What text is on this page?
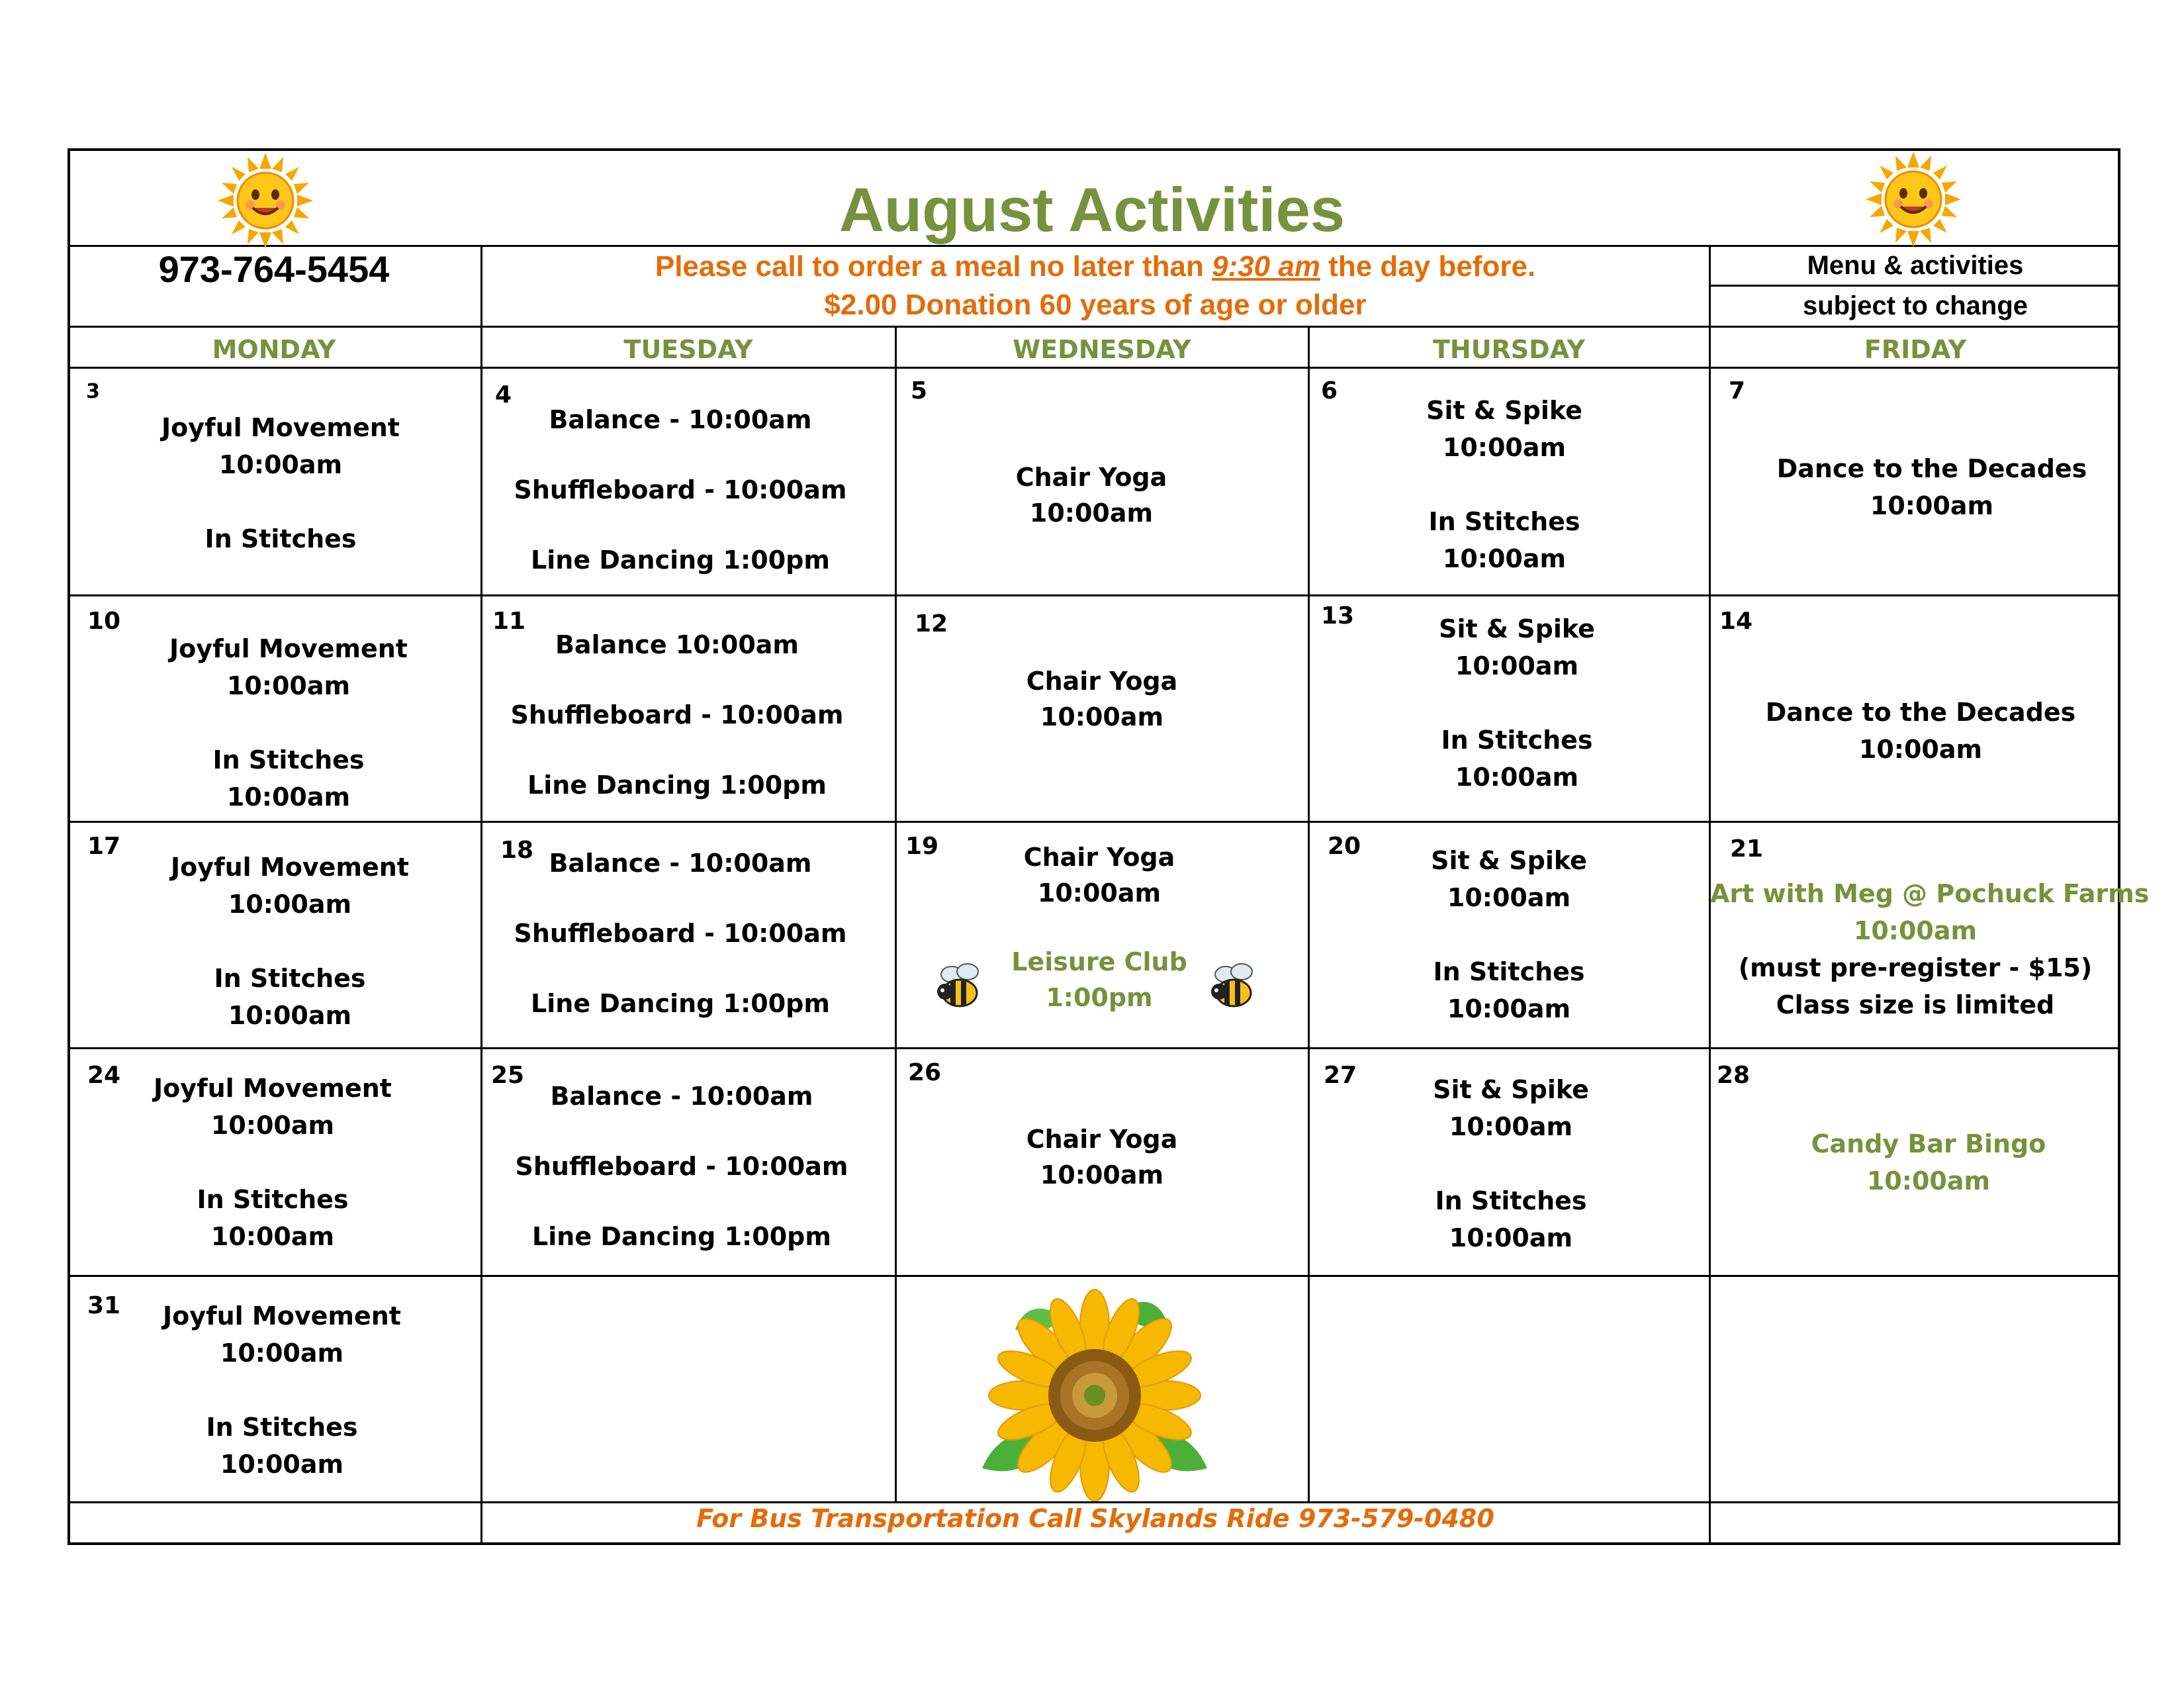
August Activities
973-764-5454	Please call to order a meal no later than 9:30 am the day before.
$2.00 Donation 60 years of age or older
Menu & activities
subject to change
MONDAY	TUESDAY	WEDNESDAY	THURSDAY	FRIDAY
3
Joyful Movement
10:00am
In Stitches
4
Balance - 10:00am
Shuffleboard - 10:00am
Line Dancing 1:00pm
5
Chair Yoga
10:00am
6
Sit & Spike
10:00am
In Stitches
10:00am
7
Dance to the Decades
10:00am
10
Joyful Movement
10:00am
In Stitches
10:00am
11
Balance 10:00am
Shuffleboard - 10:00am
Line Dancing 1:00pm
12
Chair Yoga
10:00am
13	Sit & Spike
10:00am
In Stitches
10:00am
14
Dance to the Decades
10:00am
17
Joyful Movement
10:00am
In Stitches
10:00am
18 Balance - 10:00am
Shuffleboard - 10:00am
Line Dancing 1:00pm
19	Chair Yoga
10:00am
Leisure Club
1:00pm
20	Sit & Spike
10:00am
In Stitches
10:00am
21
Art with Meg @ Pochuck Farms
10:00am
(must pre-register - $15)
Class size is limited
24	Joyful Movement
10:00am
In Stitches
10:00am
25
Balance - 10:00am
Shuffleboard - 10:00am
Line Dancing 1:00pm
26
Chair Yoga
10:00am
27	Sit & Spike
10:00am
In Stitches
10:00am
28
Candy Bar Bingo
10:00am
31	Joyful Movement
10:00am
In Stitches
10:00am
For Bus Transportation Call Skylands Ride 973-579-0480
